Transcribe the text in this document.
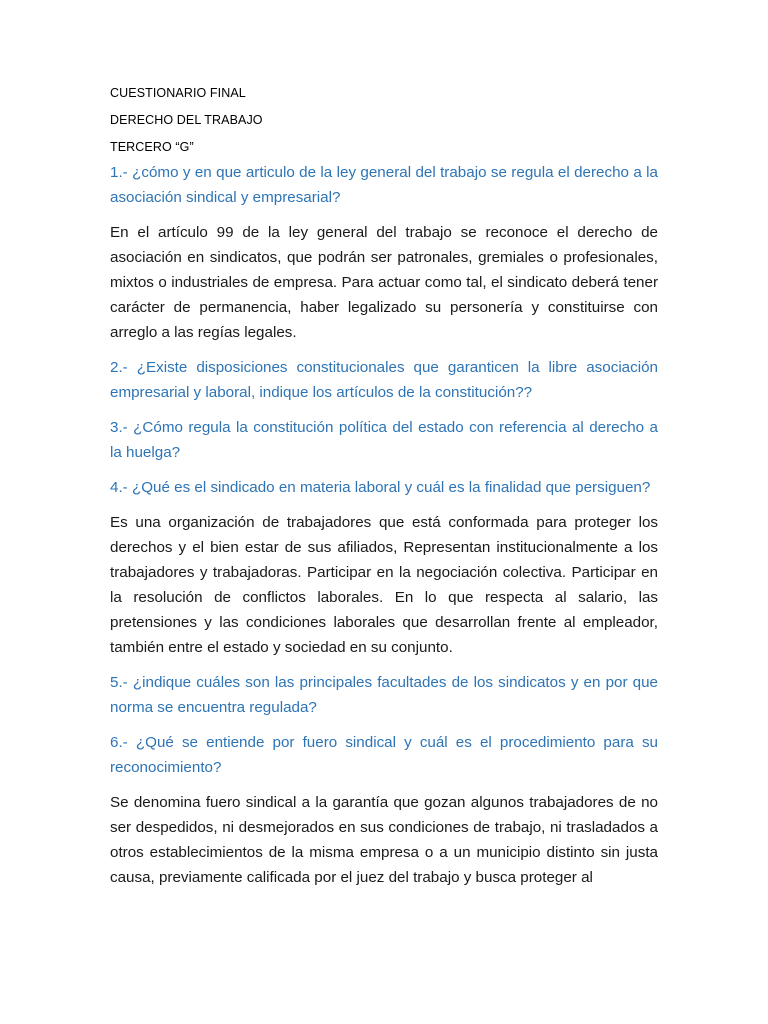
CUESTIONARIO FINAL
DERECHO DEL TRABAJO
TERCERO “G”

1.- ¿cómo y en que articulo de la ley general del trabajo se regula el derecho a la asociación sindical y empresarial?

En el artículo 99 de la ley general del trabajo se reconoce el derecho de asociación en sindicatos, que podrán ser patronales, gremiales o profesionales, mixtos o industriales de empresa. Para actuar como tal, el sindicato deberá tener carácter de permanencia, haber legalizado su personería y constituirse con arreglo a las regías legales.

2.- ¿Existe disposiciones constitucionales que garanticen la libre asociación empresarial y laboral, indique los artículos de la constitución??

3.- ¿Cómo regula la constitución política del estado con referencia al derecho a la huelga?

4.- ¿Qué es el sindicado en materia laboral y cuál es la finalidad que persiguen?

Es una organización de trabajadores que está conformada para proteger los derechos y el bien estar de sus afiliados, Representan institucionalmente a los trabajadores y trabajadoras. Participar en la negociación colectiva. Participar en la resolución de conflictos laborales. En lo que respecta al salario, las pretensiones y las condiciones laborales que desarrollan frente al empleador, también entre el estado y sociedad en su conjunto.

5.- ¿indique cuáles son las principales facultades de los sindicatos y en por que norma se encuentra regulada?

6.- ¿Qué se entiende por fuero sindical y cuál es el procedimiento para su reconocimiento?

Se denomina fuero sindical a la garantía que gozan algunos trabajadores de no ser despedidos, ni desmejorados en sus condiciones de trabajo, ni trasladados a otros establecimientos de la misma empresa o a un municipio distinto sin justa causa, previamente calificada por el juez del trabajo y busca proteger al
